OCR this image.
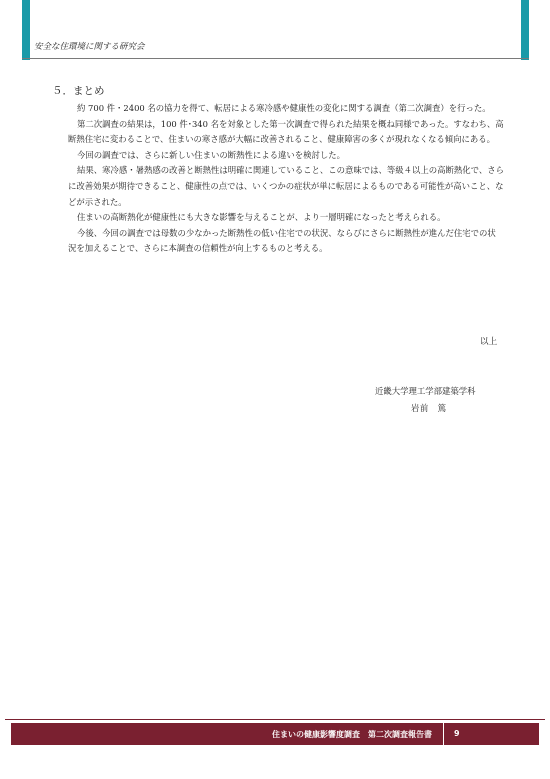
安全な住環境に関する研究会
５．まとめ

約 700 件・2400 名の協力を得て、転居による寒冷感や健康性の変化に関する調査（第二次調査）を行った。

第二次調査の結果は，100 件･340 名を対象とした第一次調査で得られた結果を概ね同様であった。すなわち、高断熱住宅に変わることで、住まいの寒さ感が大幅に改善されること、健康障害の多くが現れなくなる傾向にある。

今回の調査では、さらに新しい住まいの断熱性による違いを検討した。

結果、寒冷感・暑熱感の改善と断熱性は明確に関連していること、この意味では、等級４以上の高断熱化で、さらに改善効果が期待できること、健康性の点では、いくつかの症状が単に転居によるものである可能性が高いこと、などが示された。

住まいの高断熱化が健康性にも大きな影響を与えることが、より一層明確になったと考えられる。

今後、今回の調査では母数の少なかった断熱性の低い住宅での状況、ならびにさらに断熱性が進んだ住宅での状況を加えることで、さらに本調査の信頼性が向上するものと考える。

以上
近畿大学理工学部建築学科
岩前　篤
住まいの健康影響度調査　第二次調査報告書	9
